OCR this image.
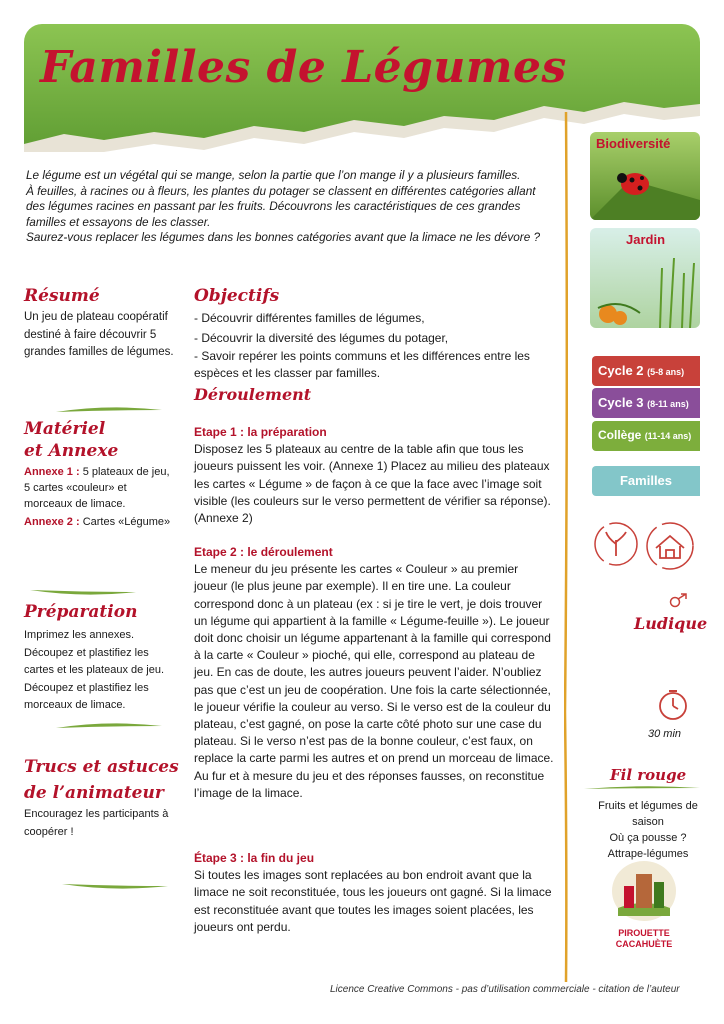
Familles de Légumes

Le légume est un végétal qui se mange, selon la partie que l’on mange il y a plusieurs familles.

À feuilles, à racines ou à fleurs, les plantes du potager se classent en différentes catégories allant des légumes racines en passant par les fruits. Découvrons les caractéristiques de ces grandes familles et essayons de les classer.

Saurez-vous replacer les légumes dans les bonnes catégories avant que la limace ne les dévore ?

Résumé
Un jeu de plateau coopératif destiné à faire découvrir 5 grandes familles de légumes.
Matériel
et Annexe
Annexe 1 : 5 plateaux de jeu, 5 cartes «couleur» et morceaux de limace.
Annexe 2 : Cartes «Légume»
Préparation
Imprimez les annexes. Découpez et plastifiez les cartes et les plateaux de jeu. Découpez et plastifiez les morceaux de limace.
Trucs et astuces
de l’animateur
Encouragez les participants à coopérer !
Objectifs
- Découvrir différentes familles de légumes,
- Découvrir la diversité des légumes du potager,
- Savoir repérer les points communs et les différences entre les espèces et les classer par familles.
Déroulement
Etape 1 : la préparation
Disposez les 5 plateaux au centre de la table afin que tous les joueurs puissent les voir. (Annexe 1) Placez au milieu des plateaux les cartes « Légume » de façon à ce que la face avec l’image soit visible (les couleurs sur le verso permettent de vérifier sa réponse). (Annexe 2)
Etape 2 : le déroulement
Le meneur du jeu présente les cartes « Couleur » au premier joueur (le plus jeune par exemple). Il en tire une. La couleur correspond donc à un plateau (ex : si je tire le vert, je dois trouver un légume qui appartient à la famille « Légume-feuille »). Le joueur doit donc choisir un légume appartenant à la famille qui correspond à la carte « Couleur » pioché, qui elle, correspond au plateau de jeu. En cas de doute, les autres joueurs peuvent l’aider. N’oubliez pas que c’est un jeu de coopération. Une fois la carte sélectionnée, le joueur vérifie la couleur au verso. Si le verso est de la couleur du plateau, c’est gagné, on pose la carte côté photo sur une case du plateau. Si le verso n’est pas de la bonne couleur, c’est faux, on replace la carte parmi les autres et on prend un morceau de limace. Au fur et à mesure du jeu et des réponses fausses, on reconstitue l’image de la limace.
Étape 3 : la fin du jeu
Si toutes les images sont replacées au bon endroit avant que la limace ne soit reconstituée, tous les joueurs ont gagné. Si la limace est reconstituée avant que toutes les images soient placées, les joueurs ont perdu.
Biodiversité
Jardin
Cycle 2 (5-8 ans)
Cycle 3 (8-11 ans)
Collège (11-14 ans)
Familles
Ludique
30 min
Fil rouge
Fruits et légumes de saison
Où ça pousse ?
Attrape-légumes
PIROUETTE
CACAHUÈTE
Licence Creative Commons - pas d’utilisation commerciale - citation de l’auteur
